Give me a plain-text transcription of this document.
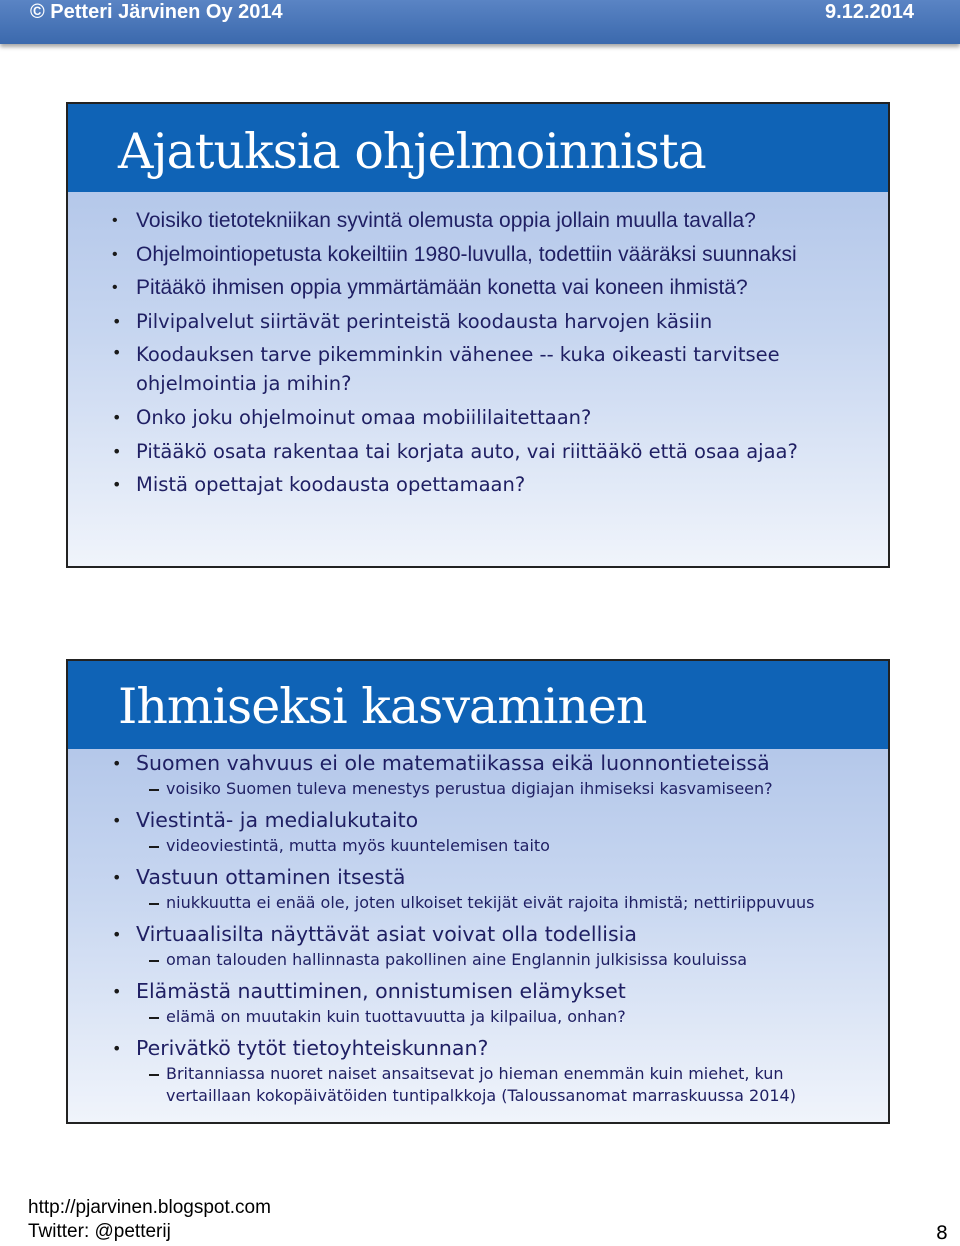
© Petteri Järvinen Oy 2014	9.12.2014
Ajatuksia ohjelmoinnista
• Voisiko tietotekniikan syvintä olemusta oppia jollain muulla tavalla?
• Ohjelmointiopetusta kokeiltiin 1980-luvulla, todettiin vääräksi suunnaksi
• Pitääkö ihmisen oppia ymmärtämään konetta vai koneen ihmistä?
• Pilvipalvelut siirtävät perinteistä koodausta harvojen käsiin
• Koodauksen tarve pikemminkin vähenee -- kuka oikeasti tarvitsee ohjelmointia ja mihin?
• Onko joku ohjelmoinut omaa mobiililaitettaan?
• Pitääkö osata rakentaa tai korjata auto, vai riittääkö että osaa ajaa?
• Mistä opettajat koodausta opettamaan?
Ihmiseksi kasvaminen
• Suomen vahvuus ei ole matematiikassa eikä luonnontieteissä
voisiko Suomen tuleva menestys perustua digiajan ihmiseksi kasvamiseen?
• Viestintä- ja medialukutaito
videoviestintä, mutta myös kuuntelemisen taito
• Vastuun ottaminen itsestä
niukkuutta ei enää ole, joten ulkoiset tekijät eivät rajoita ihmistä; nettiriippuvuus
• Virtuaalisilta näyttävät asiat voivat olla todellisia
oman talouden hallinnasta pakollinen aine Englannin julkisissa kouluissa
• Elämästä nauttiminen, onnistumisen elämykset
elämä on muutakin kuin tuottavuutta ja kilpailua, onhan?
• Perivätkö tytöt tietoyhteiskunnan?
Britanniassa nuoret naiset ansaitsevat jo hieman enemmän kuin miehet, kun vertaillaan kokopäivätöiden tuntipalkkoja (Taloussanomat marraskuussa 2014)
http://pjarvinen.blogspot.com
Twitter: @petterij	8
